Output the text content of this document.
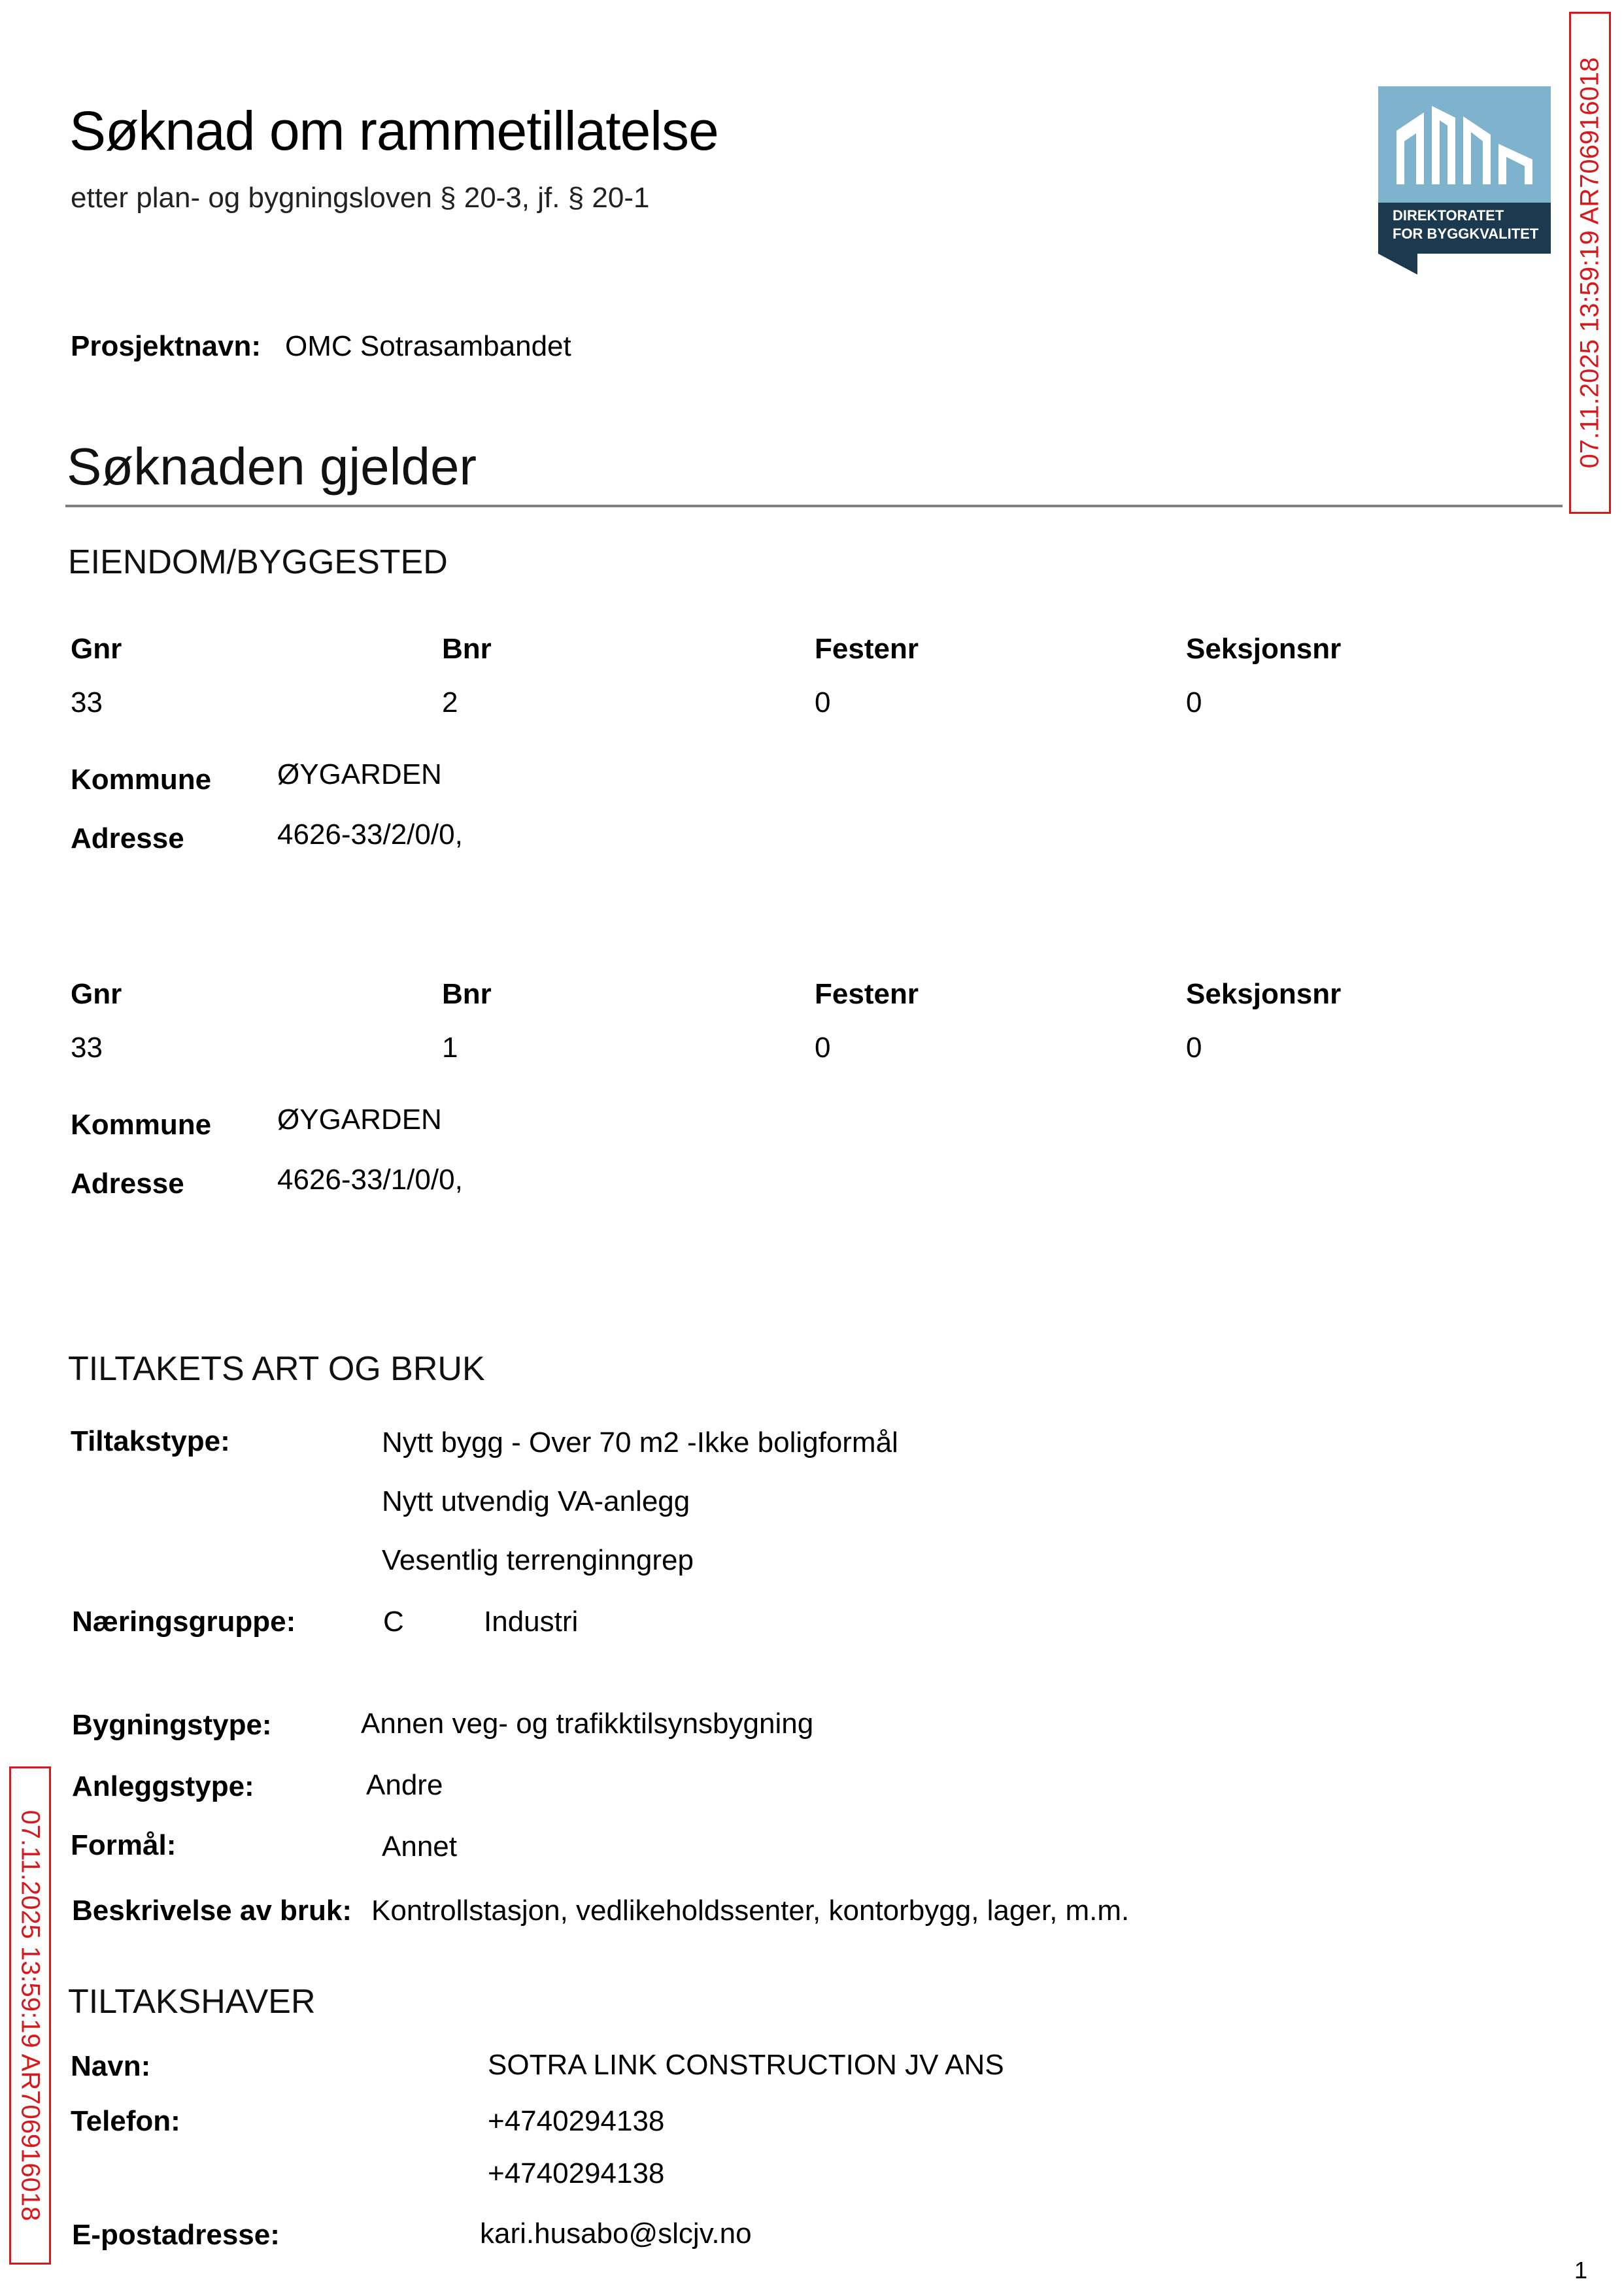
Søknad om rammetillatelse
etter plan- og bygningsloven § 20-3, jf. § 20-1
DIREKTORATET
FOR BYGGKVALITET 07.11.2025 13:59:19 AR706916018
07.11.2025 13:59:19 AR706916018
Prosjektnavn: OMC Sotrasambandet
Søknaden gjelder
EIENDOM/BYGGESTED
Gnr	Bnr	Festenr	Seksjonsnr
33	2	0	0
Kommune ØYGARDEN
Adresse	4626-33/2/0/0,
Gnr	Bnr	Festenr	Seksjonsnr
33	1	0	0
Kommune ØYGARDEN
Adresse	4626-33/1/0/0,
TILTAKETS ART OG BRUK
Tiltakstype:	Nytt bygg - Over 70 m2 -Ikke boligformål
Nytt utvendig VA-anlegg
Vesentlig terrenginngrep
Næringsgruppe:	C	Industri
Bygningstype:	Annen veg- og trafikktilsynsbygning
Anleggstype:	Andre
Formål:	Annet
Beskrivelse av bruk: Kontrollstasjon, vedlikeholdssenter, kontorbygg, lager, m.m.
TILTAKSHAVER
Navn:	SOTRA LINK CONSTRUCTION JV ANS
Telefon:	+4740294138
+4740294138
E-postadresse:	kari.husabo@slcjv.no
1
